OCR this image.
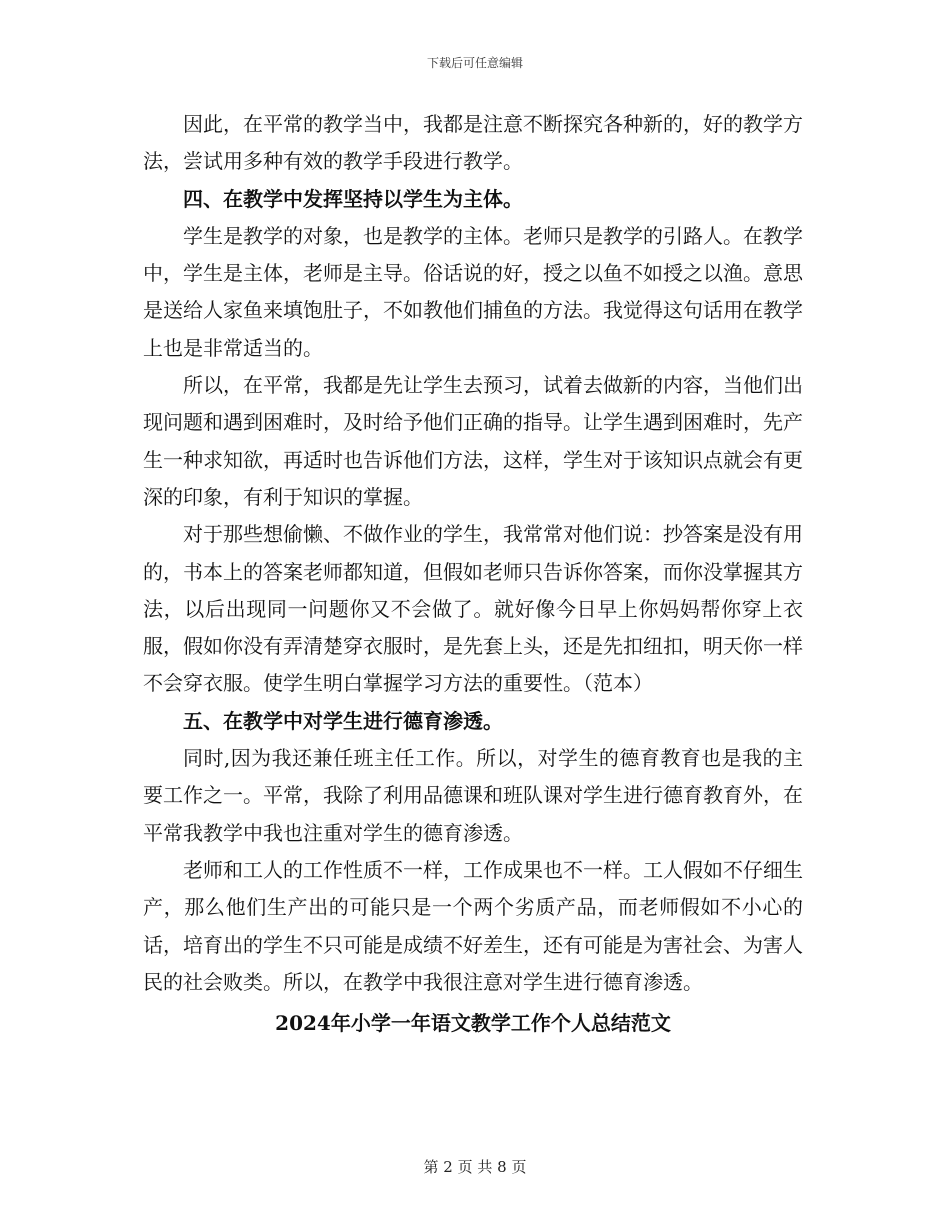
下载后可任意编辑

因此，在平常的教学当中，我都是注意不断探究各种新的，好的教学方法，尝试用多种有效的教学手段进行教学。

四、在教学中发挥坚持以学生为主体。

学生是教学的对象，也是教学的主体。老师只是教学的引路人。在教学中，学生是主体，老师是主导。俗话说的好，授之以鱼不如授之以渔。意思是送给人家鱼来填饱肚子，不如教他们捕鱼的方法。我觉得这句话用在教学上也是非常适当的。

所以，在平常，我都是先让学生去预习，试着去做新的内容，当他们出现问题和遇到困难时，及时给予他们正确的指导。让学生遇到困难时，先产生一种求知欲，再适时也告诉他们方法，这样，学生对于该知识点就会有更深的印象，有利于知识的掌握。

对于那些想偷懒、不做作业的学生，我常常对他们说：抄答案是没有用的，书本上的答案老师都知道，但假如老师只告诉你答案，而你没掌握其方法，以后出现同一问题你又不会做了。就好像今日早上你妈妈帮你穿上衣服，假如你没有弄清楚穿衣服时，是先套上头，还是先扣纽扣，明天你一样不会穿衣服。使学生明白掌握学习方法的重要性。（范本）

五、在教学中对学生进行德育渗透。

同时,因为我还兼任班主任工作。所以，对学生的德育教育也是我的主要工作之一。平常，我除了利用品德课和班队课对学生进行德育教育外，在平常我教学中我也注重对学生的德育渗透。

老师和工人的工作性质不一样，工作成果也不一样。工人假如不仔细生产，那么他们生产出的可能只是一个两个劣质产品，而老师假如不小心的话，培育出的学生不只可能是成绩不好差生，还有可能是为害社会、为害人民的社会败类。所以，在教学中我很注意对学生进行德育渗透。

2024年小学一年语文教学工作个人总结范文

第 2 页 共 8 页
